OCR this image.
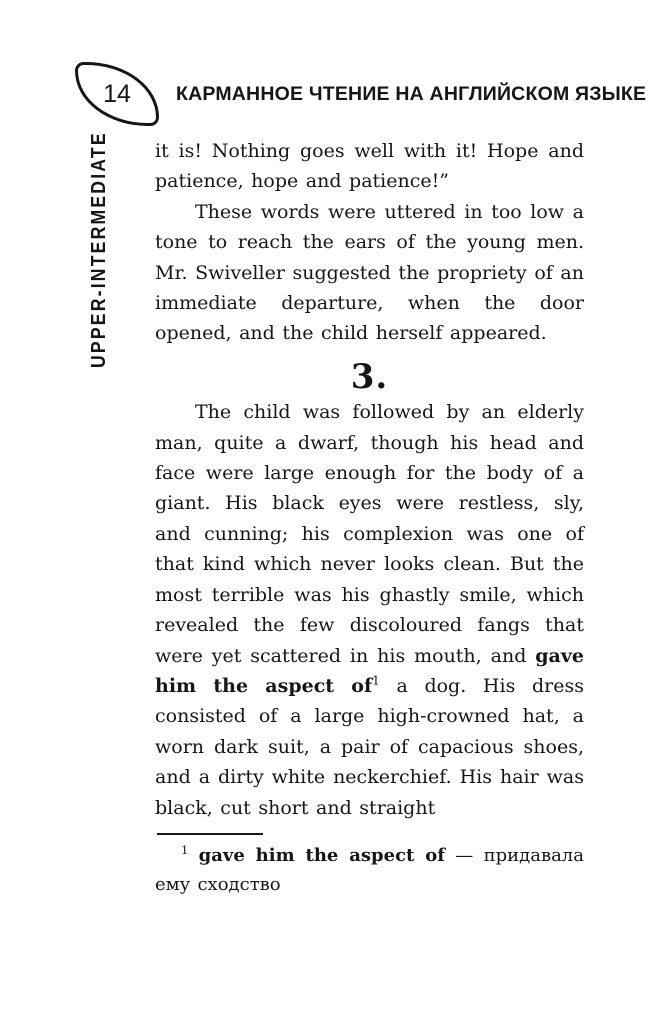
14 КАРМАННОЕ ЧТЕНИЕ НА АНГЛИЙСКОМ ЯЗЫКЕ
UPPER-INTERMEDIATE it is! Nothing goes well with it! Hope and patience, hope and patience!”

These words were uttered in too low a tone to reach the ears of the young men. Mr. Swiveller suggested the propriety of an immediate departure, when the door opened, and the child herself appeared.

3.

The child was followed by an elderly man, quite a dwarf, though his head and face were large enough for the body of a giant. His black eyes were restless, sly, and cunning; his complexion was one of that kind which never looks clean. But the most terrible was his ghastly smile, which revealed the few discoloured fangs that were yet scattered in his mouth, and gave him the aspect of$^1$ a dog. His dress consisted of a large high-crowned hat, a worn dark suit, a pair of capacious shoes, and a dirty white neckerchief. His hair was black, cut short and straight

$^1$ gave him the aspect of — придавала ему сходство
